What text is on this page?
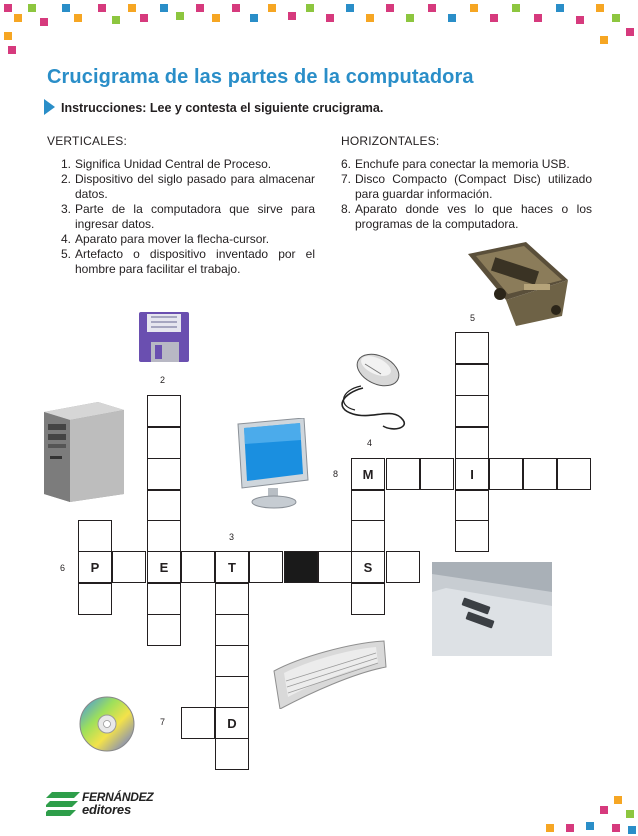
Crucigrama de las partes de la computadora
Instrucciones: Lee y contesta el siguiente crucigrama.
VERTICALES:
1. Significa Unidad Central de Proceso.
2. Dispositivo del siglo pasado para almacenar datos.
3. Parte de la computadora que sirve para ingresar datos.
4. Aparato para mover la flecha-cursor.
5. Artefacto o dispositivo inventado por el hombre para facilitar el trabajo.
HORIZONTALES:
6. Enchufe para conectar la memoria USB.
7. Disco Compacto (Compact Disc) utilizado para guardar información.
8. Aparato donde ves lo que haces o los programas de la computadora.
2
3
4
5
6
7
8	M	I
P	E	T	S
D
FERNÁNDEZ
editores
